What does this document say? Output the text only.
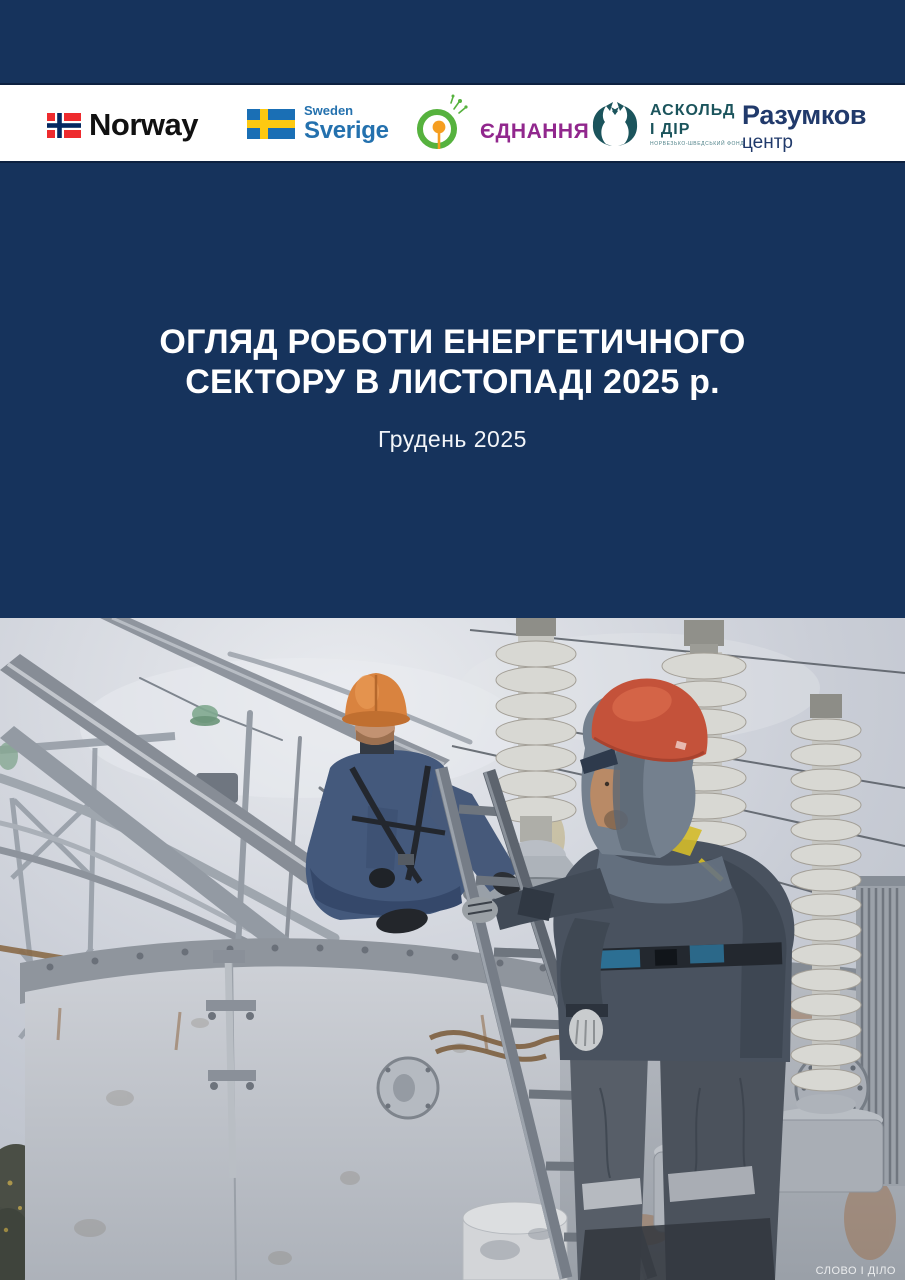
Norway	Sweden
Sverige	ЄДНАННЯ
АСКОЛЬД
І ДІР
НОРВЕЗЬКО-ШВЕДСЬКИЙ ФОНД
Разумков
центр
ОГЛЯД РОБОТИ ЕНЕРГЕТИЧНОГО
СЕКТОРУ В ЛИСТОПАДІ 2025 р.
Грудень 2025
СЛОВО І ДІЛО
